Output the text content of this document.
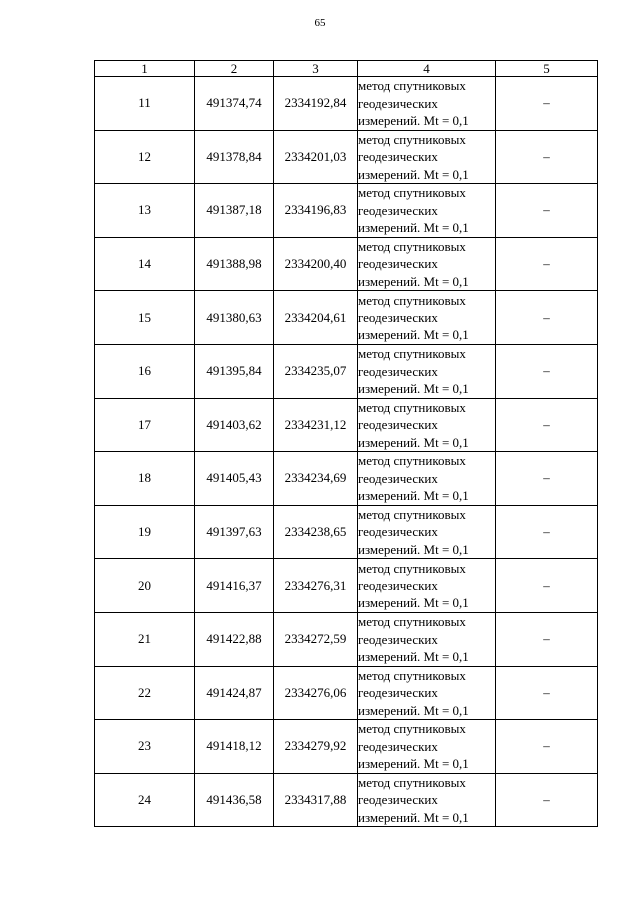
65
1	2	3	4	5
11	491374,74	2334192,84	метод спутниковых
геодезических
измерений. Mt = 0,1	–
12	491378,84	2334201,03	метод спутниковых
геодезических
измерений. Mt = 0,1	–
13	491387,18	2334196,83	метод спутниковых
геодезических
измерений. Mt = 0,1	–
14	491388,98	2334200,40	метод спутниковых
геодезических
измерений. Mt = 0,1	–
15	491380,63	2334204,61	метод спутниковых
геодезических
измерений. Mt = 0,1	–
16	491395,84	2334235,07	метод спутниковых
геодезических
измерений. Mt = 0,1	–
17	491403,62	2334231,12	метод спутниковых
геодезических
измерений. Mt = 0,1	–
18	491405,43	2334234,69	метод спутниковых
геодезических
измерений. Mt = 0,1	–
19	491397,63	2334238,65	метод спутниковых
геодезических
измерений. Mt = 0,1	–
20	491416,37	2334276,31	метод спутниковых
геодезических
измерений. Mt = 0,1	–
21	491422,88	2334272,59	метод спутниковых
геодезических
измерений. Mt = 0,1	–
22	491424,87	2334276,06	метод спутниковых
геодезических
измерений. Mt = 0,1	–
23	491418,12	2334279,92	метод спутниковых
геодезических
измерений. Mt = 0,1	–
24	491436,58	2334317,88	метод спутниковых
геодезических
измерений. Mt = 0,1	–
